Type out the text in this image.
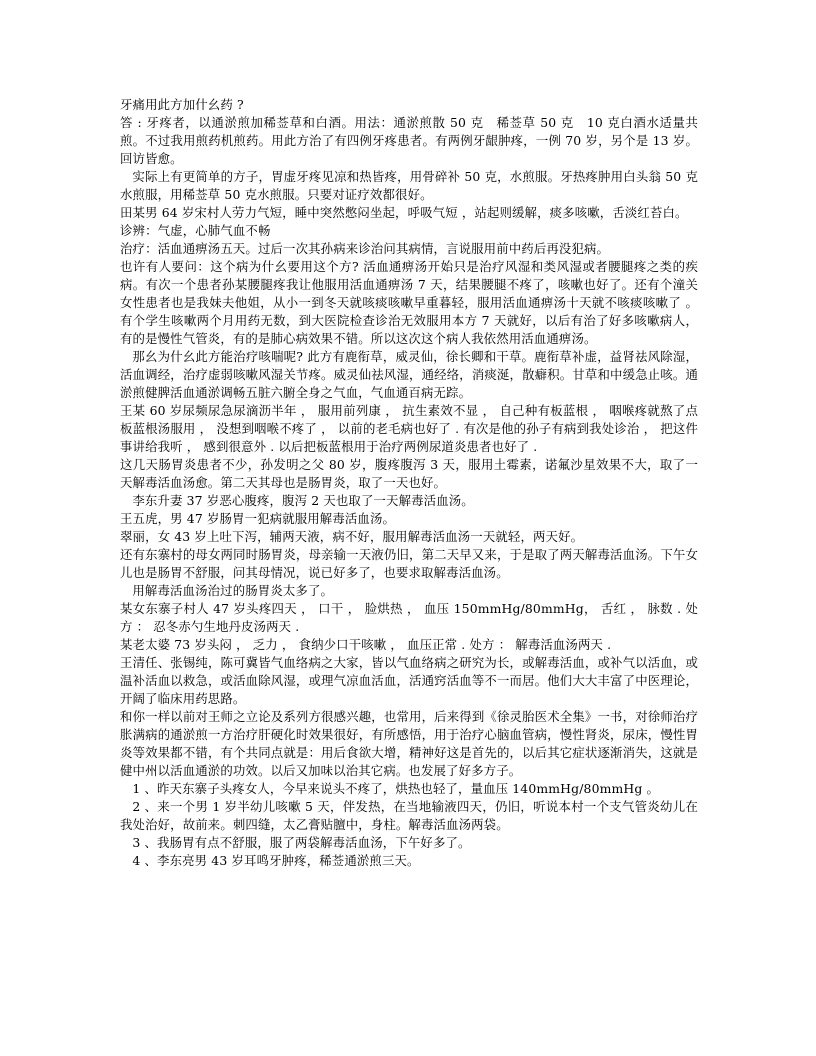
牙痛用此方加什幺药 ?

答 : 牙疼者，以通淤煎加稀莶草和白酒。用法：通淤煎散 50 克　稀莶草 50 克　10 克白酒水适量共煎。不过我用煎药机煎药。用此方治了有四例牙疼患者。有两例牙龈肿疼，一例 70 岁，另个是 13 岁。回访皆愈。

实际上有更简单的方子，胃虚牙疼见凉和热皆疼，用骨碎补 50 克，水煎服。牙热疼肿用白头翁 50 克水煎服，用稀莶草 50 克水煎服。只要对证疗效都很好。

田某男 64 岁宋村人劳力气短，睡中突然憋闷坐起，呼吸气短 ，站起则缓解，痰多咳嗽，舌淡红苔白。

诊辨：气虚，心肺气血不畅

治疗：活血通痹汤五天。过后一次其孙病来诊治问其病情，言说服用前中药后再没犯病。

也许有人要问：这个病为什幺要用这个方? 活血通痹汤开始只是治疗风湿和类风湿或者腰腿疼之类的疾病。有次一个患者孙某腰腿疼我让他服用活血通痹汤 7 天，结果腰腿不疼了，咳嗽也好了。还有个潼关女性患者也是我妹夫他姐，从小一到冬天就咳痰咳嗽早重暮轻，服用活血通痹汤十天就不咳痰咳嗽了 。有个学生咳嗽两个月用药无数，到大医院检查诊治无效服用本方 7 天就好，以后有治了好多咳嗽病人，有的是慢性气管炎，有的是肺心病效果不错。所以这次这个病人我依然用活血通痹汤。

那幺为什幺此方能治疗咳喘呢? 此方有鹿衔草，威灵仙，徐长卿和干草。鹿衔草补虚，益肾祛风除湿，活血调经，治疗虚弱咳嗽风湿关节疼。威灵仙祛风湿，通经络，消痰涎，散癖积。甘草和中缓急止咳。通淤煎健脾活血通淤调畅五脏六腑全身之气血，气血通百病无踪。

王某 60 岁尿频尿急尿滴沥半年 ， 服用前列康 ， 抗生素效不显 ， 自己种有板蓝根 ， 咽喉疼就熬了点板蓝根汤服用 ， 没想到咽喉不疼了 ， 以前的老毛病也好了 . 有次是他的孙子有病到我处诊治 ， 把这件事讲给我听 ， 感到很意外 . 以后把板蓝根用于治疗两例尿道炎患者也好了 .

这几天肠胃炎患者不少，孙发明之父 80 岁，腹疼腹泻 3 天，服用土霉素，诺氟沙星效果不大，取了一天解毒活血汤愈。第二天其母也是肠胃炎，取了一天也好。

李东升妻 37 岁恶心腹疼，腹泻 2 天也取了一天解毒活血汤。

王五虎，男 47 岁肠胃一犯病就服用解毒活血汤。

翠丽，女 43 岁上吐下泻，辅两天液，病不好，服用解毒活血汤一天就轻，两天好。

还有东寨村的母女两同时肠胃炎，母亲输一天液仍旧，第二天早又来，于是取了两天解毒活血汤。下午女儿也是肠胃不舒服，问其母情况，说已好多了，也要求取解毒活血汤。

用解毒活血汤治过的肠胃炎太多了。

某女东寨子村人 47 岁头疼四天 ， 口干 ， 脸烘热 ， 血压 150mmHg/80mmHg， 舌红 ， 脉数 . 处方 ： 忍冬赤勺生地丹皮汤两天 .

某老太婆 73 岁头闷 ， 乏力 ， 食纳少口干咳嗽 ， 血压正常 . 处方 ： 解毒活血汤两天 .

王清任、张锡纯，陈可冀皆气血络病之大家，皆以气血络病之研究为长，或解毒活血，或补气以活血，或温补活血以救急，或活血除风湿，或理气凉血活血，活通窍活血等不一而居。他们大大丰富了中医理论，开阔了临床用药思路。

和你一样以前对王师之立论及系列方很感兴趣，也常用，后来得到《徐灵胎医术全集》一书，对徐师治疗胀满病的通淤煎一方治疗肝硬化时效果很好，有所感悟，用于治疗心脑血管病，慢性肾炎，尿床，慢性胃炎等效果都不错，有个共同点就是：用后食欲大增，精神好这是首先的，以后其它症状逐渐消失，这就是健中州以活血通淤的功效。以后又加味以治其它病。也发展了好多方子。

1 、昨天东寨子头疼女人，今早来说头不疼了，烘热也轻了，量血压 140mmHg/80mmHg 。

2 、来一个男 1 岁半幼儿咳嗽 5 天，伴发热，在当地输液四天，仍旧，听说本村一个支气管炎幼儿在我处治好，故前来。刺四缝，太乙膏贴膻中，身柱。解毒活血汤两袋。

3 、我肠胃有点不舒服，服了两袋解毒活血汤，下午好多了。

4 、李东亮男 43 岁耳鸣牙肿疼，稀莶通淤煎三天。
